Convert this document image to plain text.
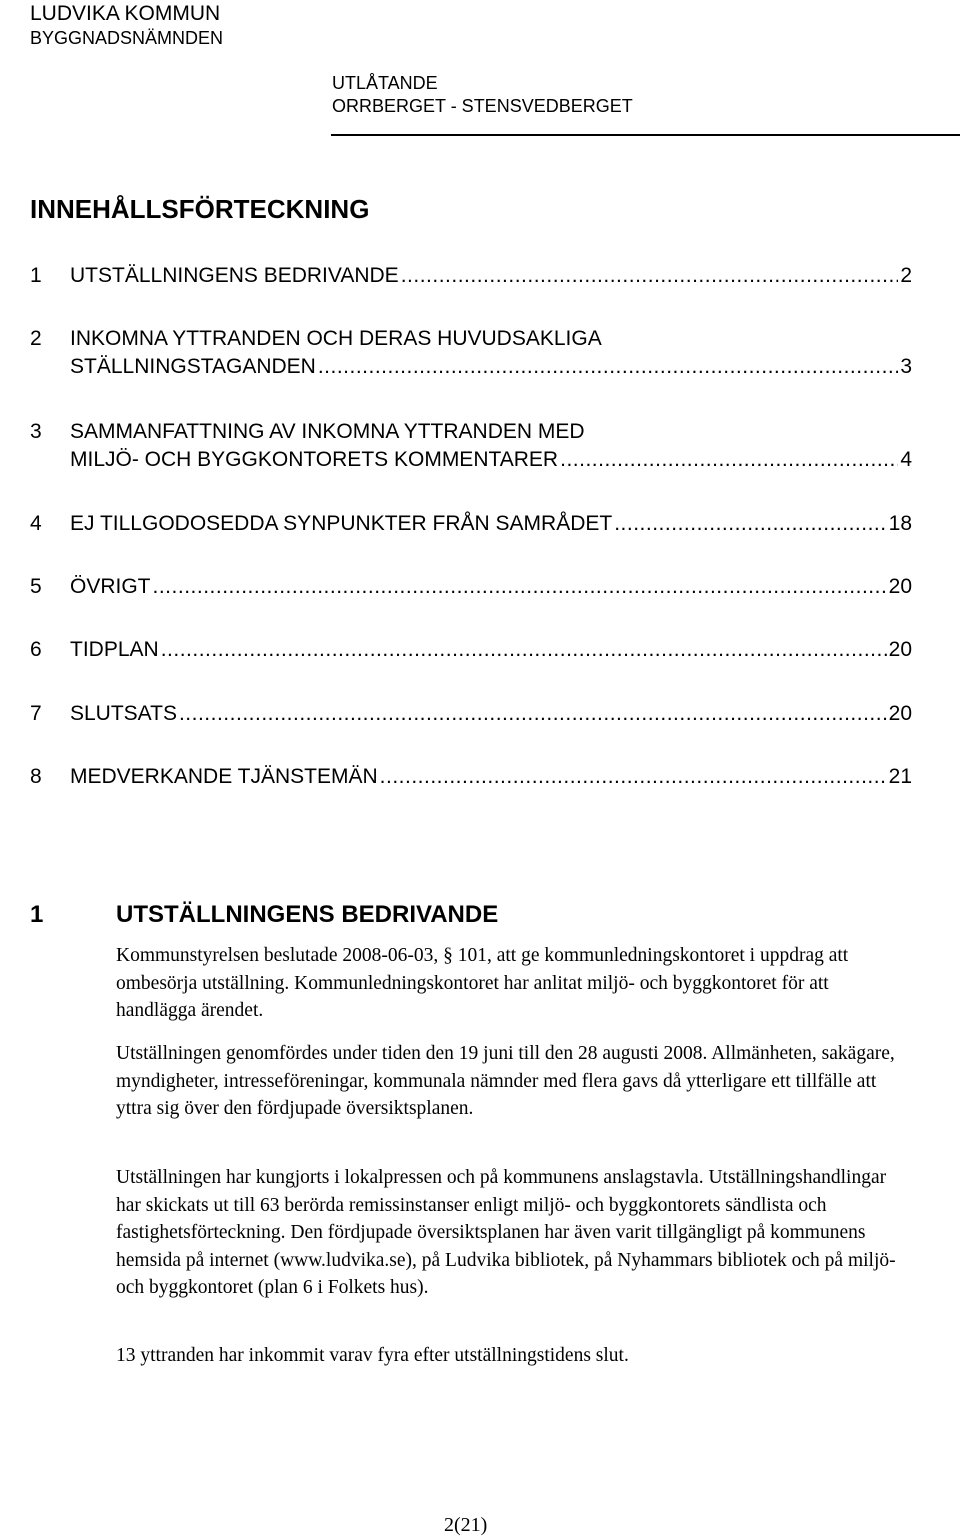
LUDVIKA KOMMUN
BYGGNADSNÄMNDEN
UTLÅTANDE
ORRBERGET - STENSVEDBERGET
INNEHÅLLSFÖRTECKNING
1 UTSTÄLLNINGENS BEDRIVANDE .....	2
2 INKOMNA YTTRANDEN OCH DERAS HUVUDSAKLIGA
STÄLLNINGSTAGANDEN .....	3
3 SAMMANFATTNING AV INKOMNA YTTRANDEN MED
MILJÖ- OCH BYGGKONTORETS KOMMENTARER .....	4
4 EJ TILLGODOSEDDA SYNPUNKTER FRÅN SAMRÅDET .....	18
5 ÖVRIGT .....	20
6 TIDPLAN .....	20
7 SLUTSATS .....	20
8 MEDVERKANDE TJÄNSTEMÄN .....	21
1	UTSTÄLLNINGENS BEDRIVANDE

Kommunstyrelsen beslutade 2008-06-03, § 101, att ge kommunledningskontoret i uppdrag att ombesörja utställning. Kommunledningskontoret har anlitat miljö- och byggkontoret för att handlägga ärendet.

Utställningen genomfördes under tiden den 19 juni till den 28 augusti 2008. Allmänheten, sakägare, myndigheter, intresseföreningar, kommunala nämnder med flera gavs då ytterligare ett tillfälle att yttra sig över den fördjupade översiktsplanen.

Utställningen har kungjorts i lokalpressen och på kommunens anslagstavla. Utställningshandlingar har skickats ut till 63 berörda remissinstanser enligt miljö- och byggkontorets sändlista och fastighetsförteckning. Den fördjupade översiktsplanen har även varit tillgängligt på kommunens hemsida på internet (www.ludvika.se), på Ludvika bibliotek, på Nyhammars bibliotek och på miljö- och byggkontoret (plan 6 i Folkets hus).

13 yttranden har inkommit varav fyra efter utställningstidens slut.

2(21)
